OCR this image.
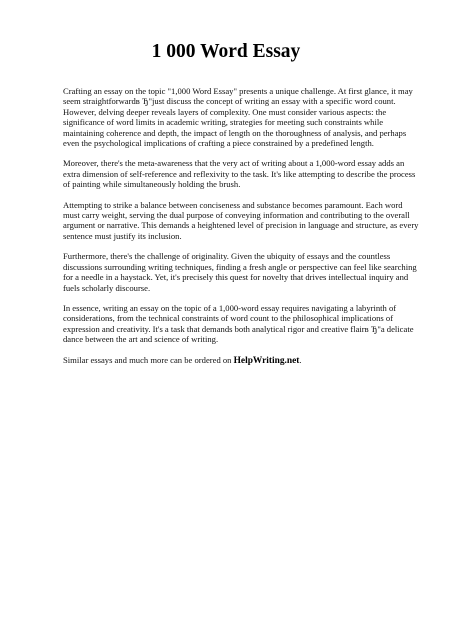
1 000 Word Essay

Crafting an essay on the topic "1,000 Word Essay" presents a unique challenge. At first glance, it may seem straightforwardв Ђ"just discuss the concept of writing an essay with a specific word count. However, delving deeper reveals layers of complexity. One must consider various aspects: the significance of word limits in academic writing, strategies for meeting such constraints while maintaining coherence and depth, the impact of length on the thoroughness of analysis, and perhaps even the psychological implications of crafting a piece constrained by a predefined length.

Moreover, there's the meta-awareness that the very act of writing about a 1,000-word essay adds an extra dimension of self-reference and reflexivity to the task. It's like attempting to describe the process of painting while simultaneously holding the brush.

Attempting to strike a balance between conciseness and substance becomes paramount. Each word must carry weight, serving the dual purpose of conveying information and contributing to the overall argument or narrative. This demands a heightened level of precision in language and structure, as every sentence must justify its inclusion.

Furthermore, there's the challenge of originality. Given the ubiquity of essays and the countless discussions surrounding writing techniques, finding a fresh angle or perspective can feel like searching for a needle in a haystack. Yet, it's precisely this quest for novelty that drives intellectual inquiry and fuels scholarly discourse.

In essence, writing an essay on the topic of a 1,000-word essay requires navigating a labyrinth of considerations, from the technical constraints of word count to the philosophical implications of expression and creativity. It's a task that demands both analytical rigor and creative flairв Ђ"a delicate dance between the art and science of writing.

Similar essays and much more can be ordered on HelpWriting.net.
